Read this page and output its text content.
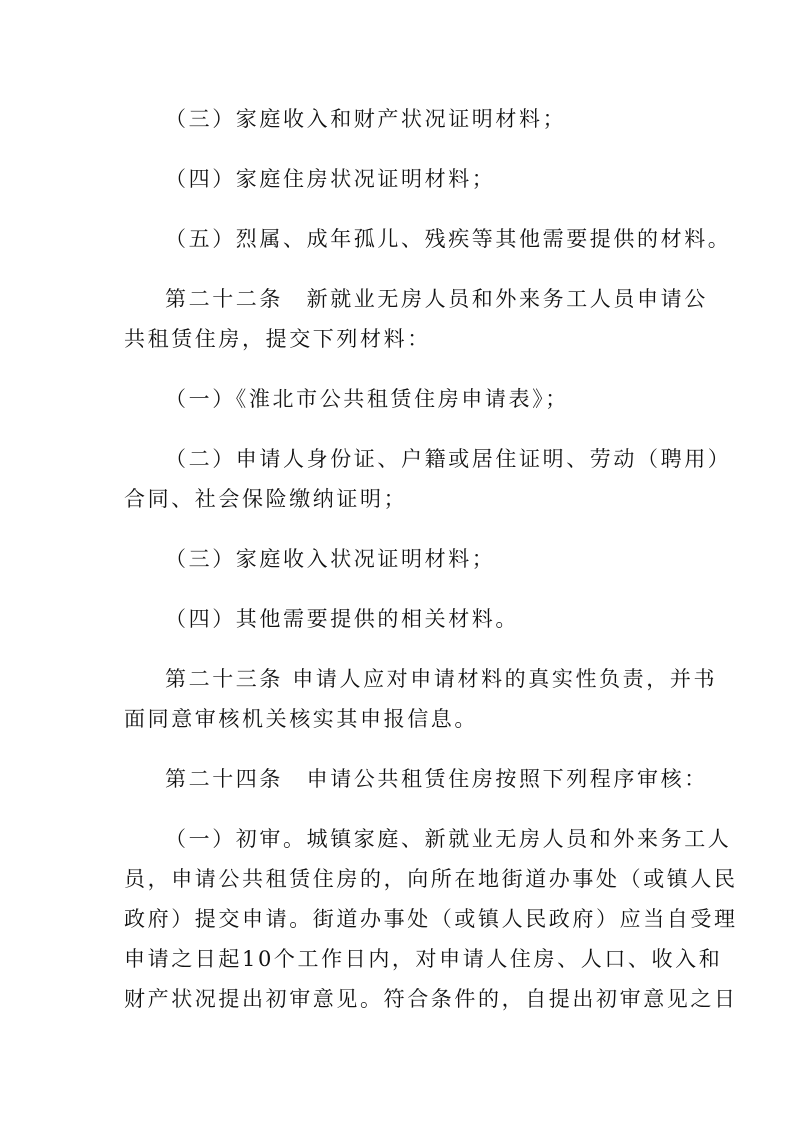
（三）家庭收入和财产状况证明材料；
（四）家庭住房状况证明材料；
（五）烈属、成年孤儿、残疾等其他需要提供的材料。
第二十二条　新就业无房人员和外来务工人员申请公
共租赁住房，提交下列材料：
（一）《淮北市公共租赁住房申请表》；
（二）申请人身份证、户籍或居住证明、劳动（聘用）
合同、社会保险缴纳证明；
（三）家庭收入状况证明材料；
（四）其他需要提供的相关材料。
第二十三条 申请人应对申请材料的真实性负责，并书
面同意审核机关核实其申报信息。
第二十四条　申请公共租赁住房按照下列程序审核：
（一）初审。城镇家庭、新就业无房人员和外来务工人
员，申请公共租赁住房的，向所在地街道办事处（或镇人民
政府）提交申请。街道办事处（或镇人民政府）应当自受理
申请之日起10个工作日内，对申请人住房、人口、收入和
财产状况提出初审意见。符合条件的，自提出初审意见之日
